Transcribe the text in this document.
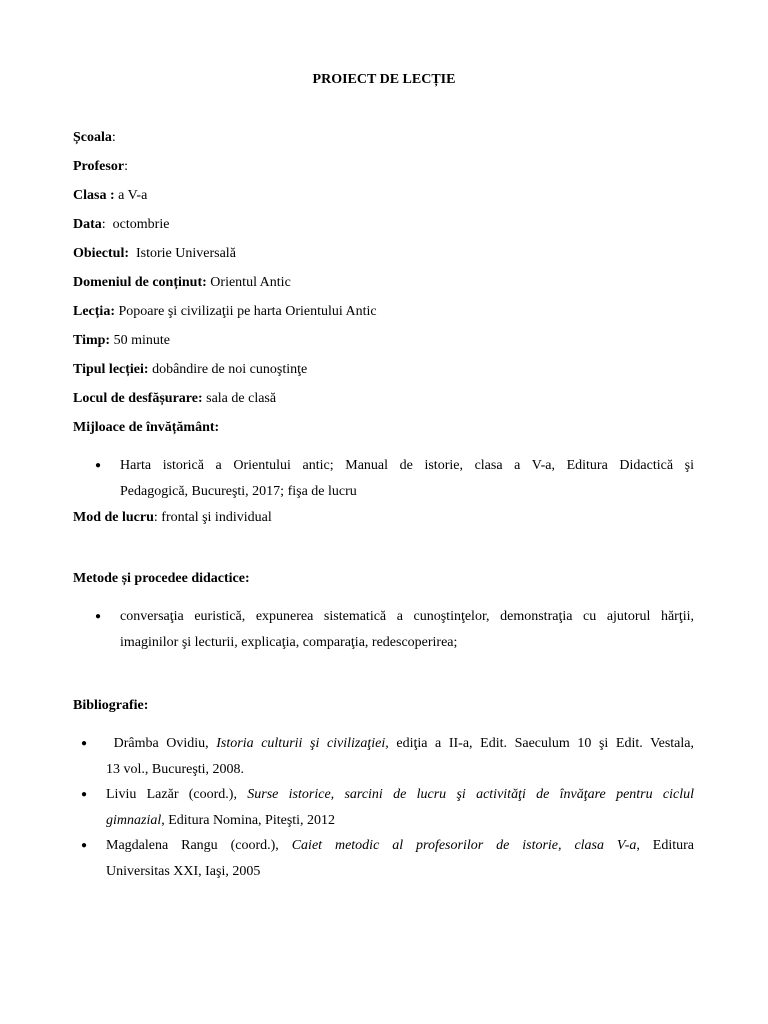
PROIECT DE LECȚIE
Școala:
Profesor:
Clasa : a V-a
Data:  octombrie
Obiectul: Istorie Universală
Domeniul de conținut: Orientul Antic
Lecția: Popoare şi civilizaţii pe harta Orientului Antic
Timp: 50 minute
Tipul lecției: dobândire de noi cunoştinţe
Locul de desfășurare: sala de clasă
Mijloace de învățământ:
● Harta istorică a Orientului antic; Manual de istorie, clasa a V-a, Editura Didactică şi
Pedagogică, Bucureşti, 2017; fişa de lucru
Mod de lucru: frontal şi individual
Metode și procedee didactice:
● conversaţia euristică, expunerea sistematică a cunoştinţelor, demonstraţia cu ajutorul hărţii,
imaginilor şi lecturii, explicaţia, comparaţia, redescoperirea;
Bibliografie:
● Drâmba Ovidiu, Istoria culturii şi civilizaţiei, ediţia a II-a, Edit. Saeculum 10 şi Edit. Vestala,
13 vol., Bucureşti, 2008.
● Liviu Lazăr (coord.), Surse istorice, sarcini de lucru şi activităţi de învăţare pentru ciclul
gimnazial, Editura Nomina, Piteşti, 2012
● Magdalena Rangu (coord.), Caiet metodic al profesorilor de istorie, clasa V-a, Editura
Universitas XXI, Iaşi, 2005
